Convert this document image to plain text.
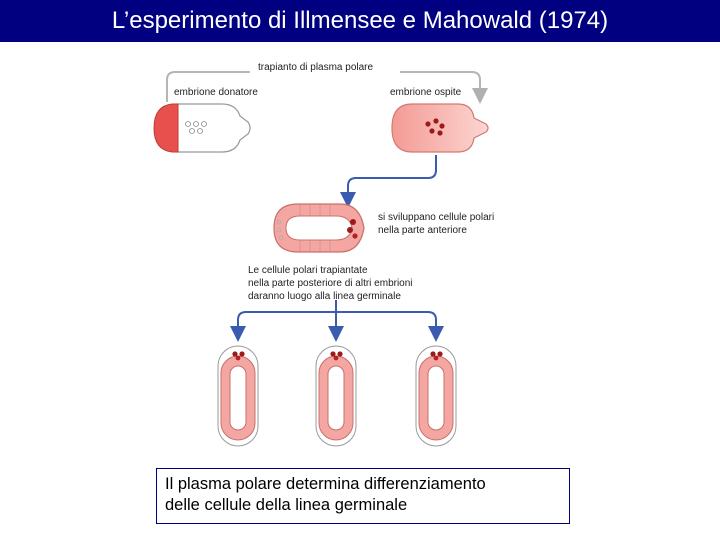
L’esperimento di Illmensee e Mahowald (1974)
trapianto di plasma polare
embrione donatore	embrione ospite
si sviluppano cellule polari
nella parte anteriore
Le cellule polari trapiantate
nella parte posteriore di altri embrioni
daranno luogo alla linea germinale
Il plasma polare determina differenziamento
delle cellule della linea germinale
